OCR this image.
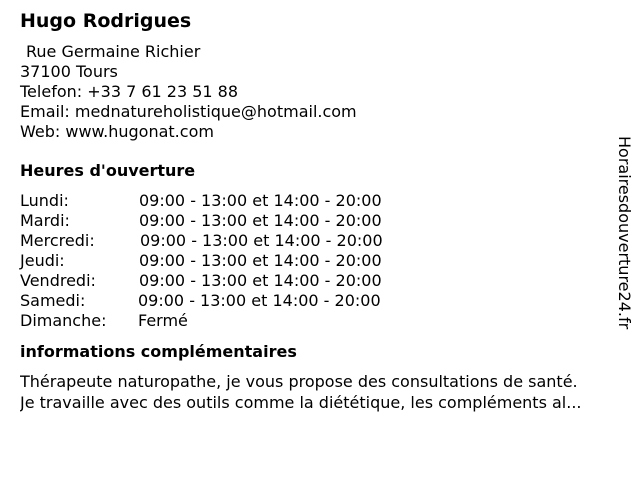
Hugo Rodrigues
Rue Germaine Richier
37100 Tours
Telefon: +33 7 61 23 51 88
Email: mednatureholistique@hotmail.com
Web: www.hugonat.com
Heures d'ouverture
Lundi:	09:00 - 13:00 et 14:00 - 20:00
Mardi:	09:00 - 13:00 et 14:00 - 20:00
Mercredi:	09:00 - 13:00 et 14:00 - 20:00
Jeudi:	09:00 - 13:00 et 14:00 - 20:00
Vendredi:	09:00 - 13:00 et 14:00 - 20:00
Samedi:	09:00 - 13:00 et 14:00 - 20:00
Dimanche: Fermé
informations complémentaires
Thérapeute naturopathe, je vous propose des consultations de santé.
Je travaille avec des outils comme la diététique, les compléments al...
Horairesdouverture24.fr
